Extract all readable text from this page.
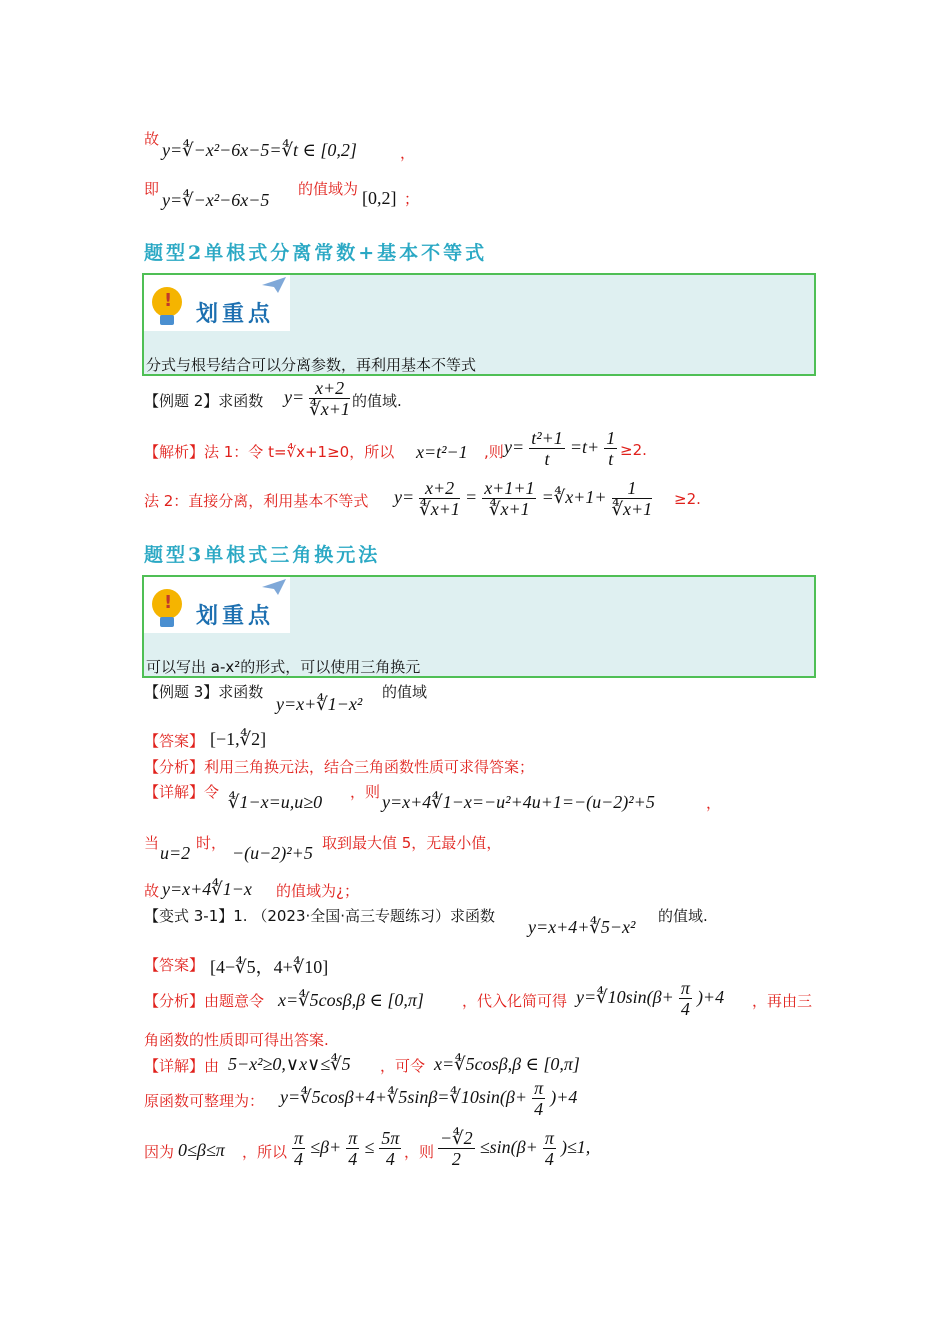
故
y=∜−x²−6x−5=∜t ∈ [0,2]	，
即
y=∜−x²−6x−5
的值域为 [0,2] ；
题型2单根式分离常数+基本不等式
!
划重点
分式与根号结合可以分离参数，再利用基本不等式
【例题 2】求函数 $y= \frac{x+2}{∜x+1}$ 的值域.
【解析】法 1：令 t=∜x+1≥0，所以 x=t²−1 ,则 $y= \frac{\text{t²+1}}{t} =t+ \frac{1}{t} \ge 2$.
法 2：直接分离，利用基本不等式 $y= \frac{x+2}{∜x+1} = \frac{x+1+1}{∜x+1}$ =∜x+1+ $\frac{1}{∜x+1} \ge 2$.
题型3单根式三角换元法
!
划重点
可以写出 a-x²的形式，可以使用三角换元
【例题 3】求函数
y=x+∜1−x²
的值域
【答案】 [−1,∜2]
【分析】利用三角换元法，结合三角函数性质可求得答案；
【详解】令 ∜1−x=u,u≥0 ，则 y=x+4∜1−x=−u²+4u+1=−(u−2)²+5	，
当 u=2 时， −(u−2)²+5 取到最大值 5，无最小值，
故 y=x+4∜1−x 的值域为¿；
【变式 3-1】1. （2023·全国·高三专题练习）求函数
y=x+4+∜5−x²
的值域.
【答案】 [4−∜5，4+∜10]
【分析】由题意令 x=∜5cosβ,β ∈ [0,π]	，代入化简可得 y=∜10sin(β+ $\frac{\pi}{4} )+4$ ，再由三
角函数的性质即可得出答案.
【详解】由 5−x²≥0,∨x∨≤∜5 ，可令 x=∜5cosβ,β ∈ [0,π]
原函数可整理为： y=∜5cosβ+4+∜5sinβ=∜10sin(β+ $\frac{\pi}{4} )+4$
因为 0≤β≤π ，所以 $\frac{\pi}{4} \le\beta+ \frac{\pi}{4} \le \frac{5\pi}{4}$ ，则 $\frac{-∜2}{2} \le\sin(\beta+ \frac{\pi}{4} )\le 1$,
